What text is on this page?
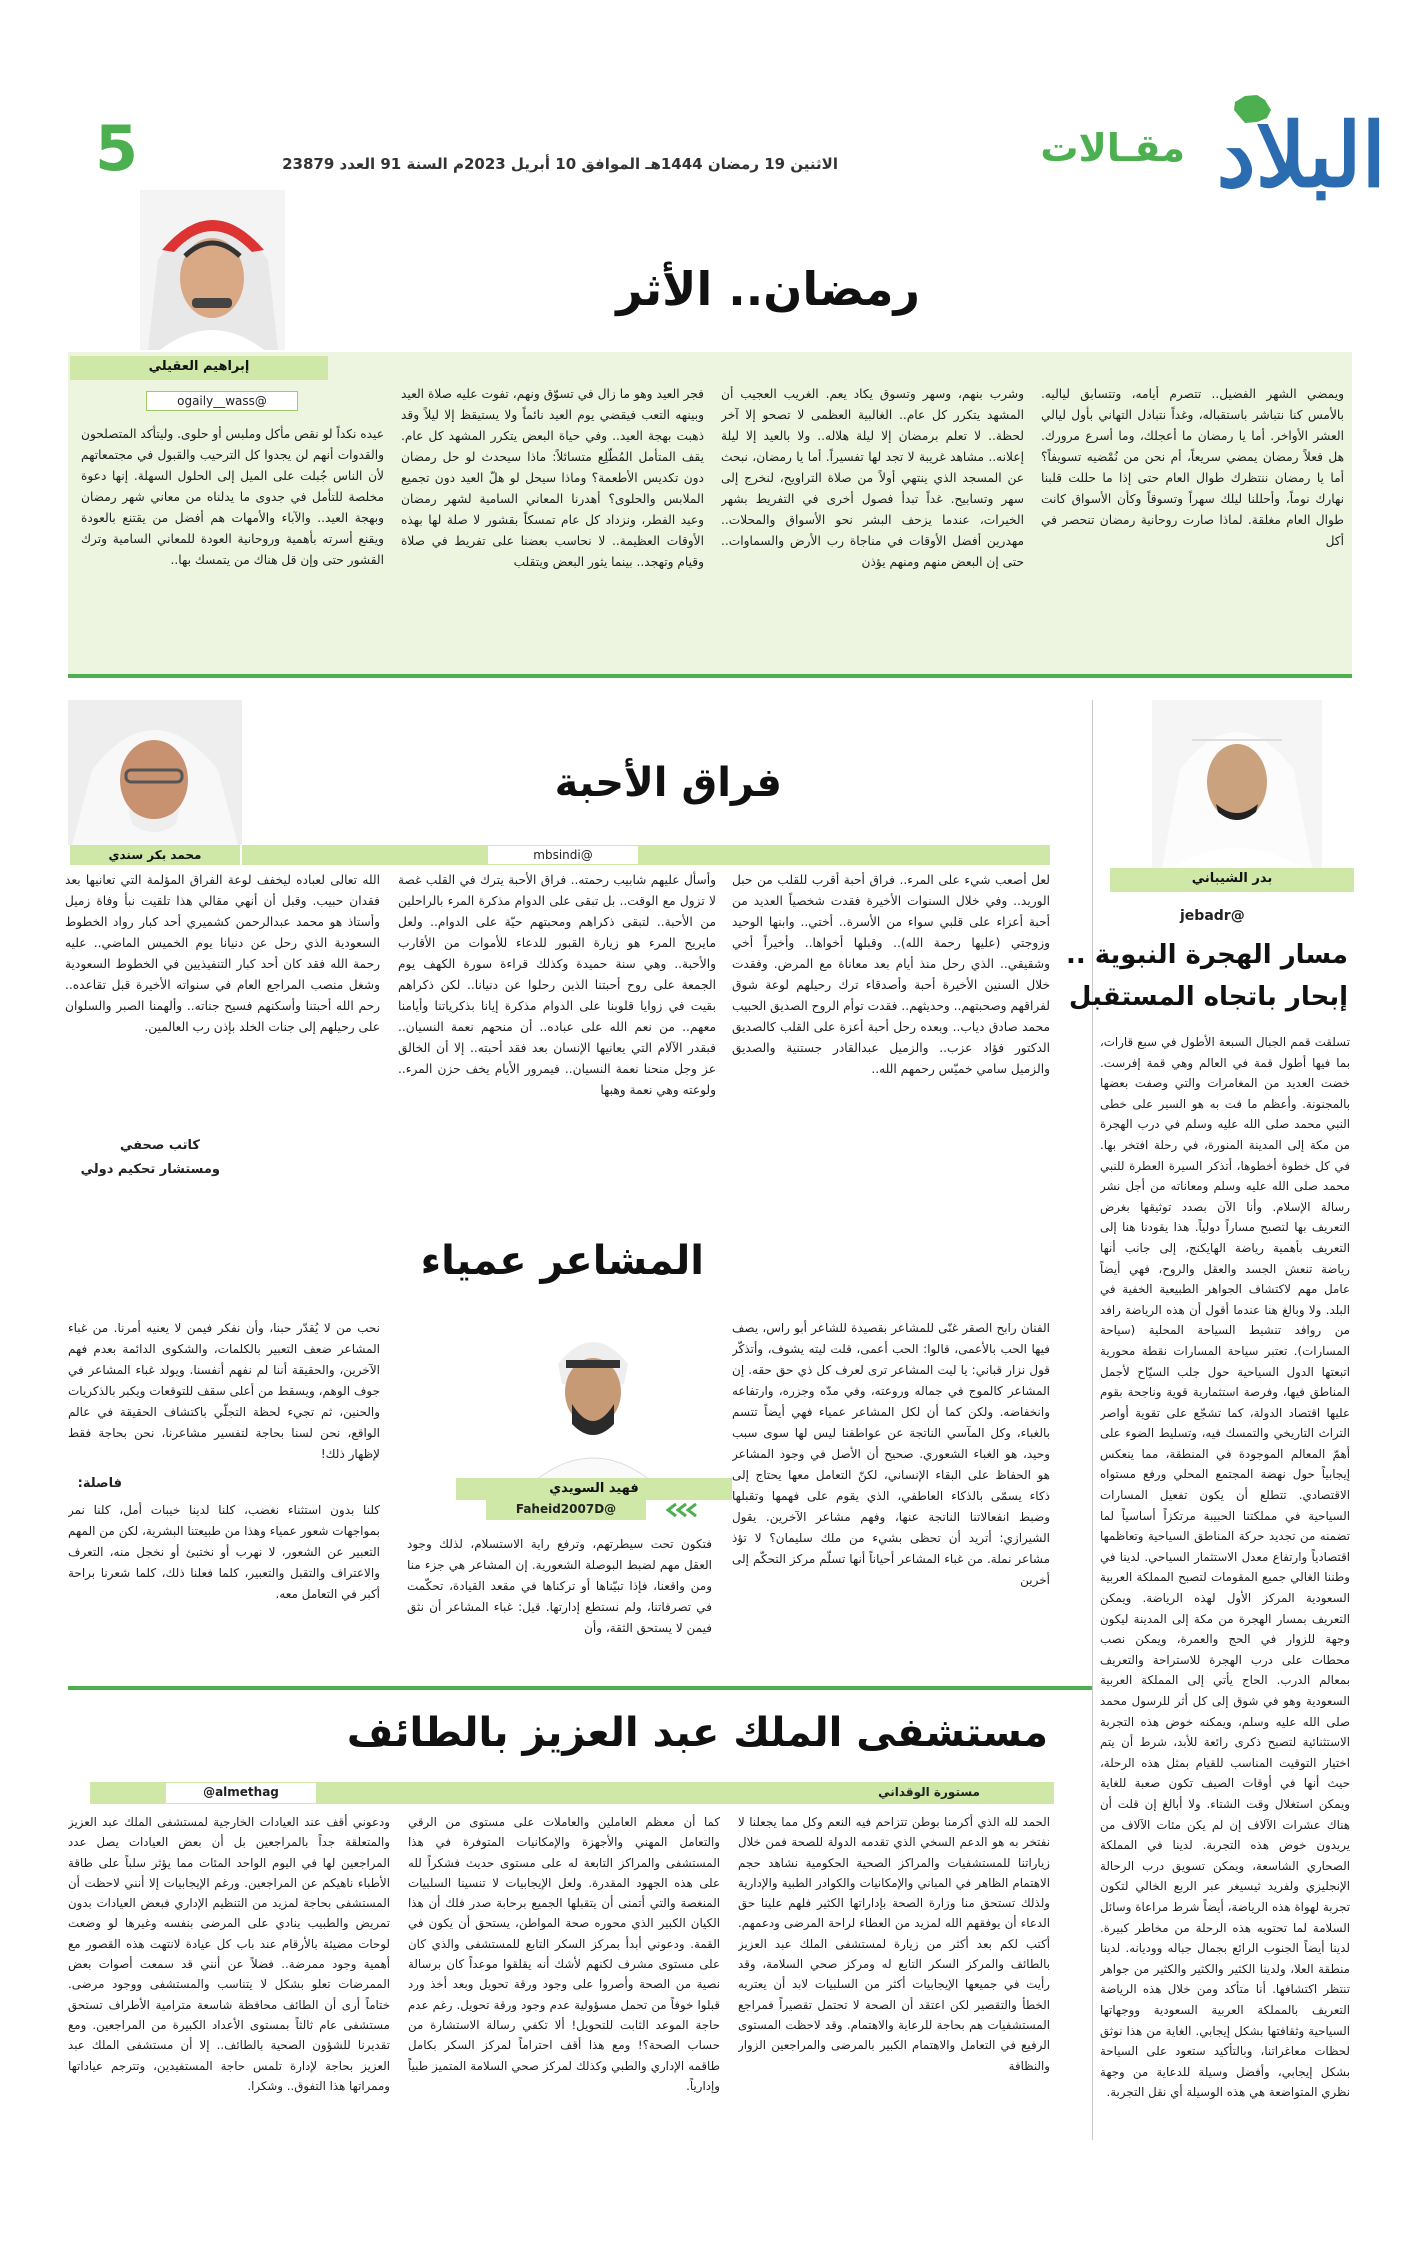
البلاد
مقـالات
الاثنين 19 رمضان 1444هـ الموافق 10 أبريل 2023م السنة 91 العدد 23879
5
رمضان.. الأثر
إبراهيم العقيلي
@ogaily__wass	ويمضي الشهر الفضيل.. تتصرم أيامه، وتتسابق لياليه. بالأمس كنا نتباشر باستقباله، وغداً نتبادل التهاني بأول ليالي العشر الأواخر. أما يا رمضان ما أعجلك، وما أسرع مرورك. هل فعلاً رمضان يمضي سريعاً، أم نحن من نُمْضيه تسويفاً؟ أما يا رمضان ننتظرك طوال العام حتى إذا ما حللت قلبنا نهارك نوماً، وأحللنا ليلك سهراً وتسوقاً وكأن الأسواق كانت طوال العام مغلقة. لماذا صارت روحانية رمضان تنحصر في أكل
وشرب بنهم، وسهر وتسوق يكاد يعم. الغريب العجيب أن المشهد يتكرر كل عام.. الغالبية العظمى لا تصحو إلا آخر لحظة.. لا تعلم برمضان إلا ليلة هلاله.. ولا بالعيد إلا ليلة إعلانه.. مشاهد غريبة لا تجد لها تفسيراً. أما يا رمضان، نبحث عن المسجد الذي ينتهي أولاً من صلاة التراويح، لنخرج إلى سهر وتسابيح. غداً تبدأ فصول أخرى في التفريط بشهر الخيرات، عندما يزحف البشر نحو الأسواق والمحلات.. مهدرين أفضل الأوقات في مناجاة رب الأرض والسماوات.. حتى إن البعض منهم ومنهم يؤذن
فجر العيد وهو ما زال في تسوّق ونهم، تفوت عليه صلاة العيد وبينهه التعب فيقضي يوم العيد نائماً ولا يستيقظ إلا ليلاً وقد ذهبت بهجة العيد.. وفي حياة البعض يتكرر المشهد كل عام. يقف المتأمل المُطّلِع متسائلاً: ماذا سيحدث لو حل رمضان دون تكديس الأطعمة؟ وماذا سيحل لو هلّ العيد دون تجميع الملابس والحلوى؟ أهدرنا المعاني السامية لشهر رمضان وعيد الفطر، ونزداد كل عام تمسكاً بقشور لا صلة لها بهذه الأوقات العظيمة.. لا نحاسب بعضنا على تفريط في صلاة وقيام وتهجد.. بينما يثور البعض ويتقلب
عيده نكداً لو نقص مأكل وملبس أو حلوى. وليتأكد المتصلحون والقدوات أنهم لن يجدوا كل الترحيب والقبول في مجتمعاتهم لأن الناس جُبلت على الميل إلى الحلول السهلة. إنها دعوة مخلصة للتأمل في جدوى ما يدلناه من معاني شهر رمضان وبهجة العيد.. والآباء والأمهات هم أفضل من يقتنع بالعودة ويقنع أسرته بأهمية وروحانية العودة للمعاني السامية وترك القشور حتى وإن قل هناك من يتمسك بها..
فراق الأحبة
محمد بكر سندي	@mbsindi
لعل أصعب شيء على المرء.. فراق أحبة أقرب للقلب من حبل الوريد.. وفي خلال السنوات الأخيرة فقدت شخصياً العديد من أحبة أعزاء على قلبي سواء من الأسرة.. أختي.. وابنها الوحيد وزوجتي (عليها رحمة الله).. وقبلها أخواها.. وأخيراً أخي وشقيقي.. الذي رحل منذ أيام بعد معاناة مع المرض. وفقدت خلال السنين الأخيرة أحبة وأصدقاء ترك رحيلهم لوعة شوق لفراقهم وصحبتهم.. وحديثهم.. فقدت توأم الروح الصديق الحبيب محمد صادق دياب.. وبعده رحل أحبة أعزة على القلب كالصديق الدكتور فؤاد عزب.. والزميل عبدالقادر جستنية والصديق والزميل سامي خميّس رحمهم الله..
وأسأل عليهم شابيب رحمته.. فراق الأحبة يترك في القلب غصة لا تزول مع الوقت.. بل تبقى على الدوام مذكرة المرء بالراحلين من الأحبة.. لتبقى ذكراهم ومحبتهم حيّة على الدوام.. ولعل مايريح المرء هو زيارة القبور للدعاء للأموات من الأقارب والأحبة.. وهي سنة حميدة وكذلك قراءة سورة الكهف يوم الجمعة على روح أحبتنا الذين رحلوا عن دنيانا.. لكن ذكراهم بقيت في زوايا قلوبنا على الدوام مذكرة إيانا بذكرياتنا وأيامنا معهم.. من نعم الله على عباده.. أن منحهم نعمة النسيان.. فبقدر الآلام التي يعانيها الإنسان بعد فقد أحبته.. إلا أن الخالق عز وجل منحنا نعمة النسيان.. فيمرور الأيام يخف حزن المرء.. ولوعته وهي نعمة وهبها
الله تعالى لعباده ليخفف لوعة الفراق المؤلمة التي تعانيها بعد فقدان حبيب. وقبل أن أنهي مقالي هذا تلقيت نبأ وفاة زميل وأستاذ هو محمد عبدالرحمن كشميري أحد كبار رواد الخطوط السعودية الذي رحل عن دنيانا يوم الخميس الماضي.. عليه رحمة الله فقد كان أحد كبار التنفيذيين في الخطوط السعودية وشغل منصب المراجع العام في سنواته الأخيرة قبل تقاعده.. رحم الله أحبتنا وأسكنهم فسيح جناته.. وألهمنا الصبر والسلوان على رحيلهم إلى جنات الخلد بإذن رب العالمين.
كاتب صحفي
ومستشار تحكيم دولي
بدر الشيباني
@jebadr
مسار الهجرة النبوية ..
إبحار باتجاه المستقبل
تسلقت قمم الجبال السبعة الأطول في سبع قارات، بما فيها أطول قمة في العالم وهي قمة إفرست. خضت العديد من المغامرات والتي وصفت بعضها بالمجنونة. وأعظم ما فت به هو السير على خطى النبي محمد صلى الله عليه وسلم في درب الهجرة من مكة إلى المدينة المنورة، في رحلة افتخر بها. في كل خطوة أخطوها، أتذكر السيرة العطرة للنبي محمد صلى الله عليه وسلم ومعاناته من أجل نشر رسالة الإسلام. وأنا الآن بصدد توثيقها بغرض التعريف بها لتصبح مساراً دولياً. هذا يقودنا هنا إلى التعريف بأهمية رياضة الهايكنج، إلى جانب أنها رياضة تنعش الجسد والعقل والروح، فهي أيضاً عامل مهم لاكتشاف الجواهر الطبيعية الخفية في البلد. ولا وبالغ هنا عندما أقول أن هذه الرياضة رافد من روافد تنشيط السياحة المحلية (سياحة المسارات). تعتبر سياحة المسارات نقطة محورية اتبعتها الدول السياحية حول جلب السيّاح لأجمل المناطق فيها، وفرصة استثمارية قوية وناجحة بقوم عليها اقتصاد الدولة، كما تشجّع على تقوية أواصر التراث التاريخي والتمسك فيه، وتسليط الضوء على أهمّ المعالم الموجودة في المنطقة، مما ينعكس إيجابياً حول نهضة المجتمع المحلي ورفع مستواه الاقتصادي. تتطلع أن يكون تفعيل المسارات السياحية في مملكتنا الحبيبة مرتكزاً أساسياً لما تضمنه من تجديد حركة المناطق السياحية وتعاظمها اقتصادياً وارتفاع معدل الاستثمار السياحي. لدينا في وطننا الغالي جميع المقومات لتصبح المملكة العربية السعودية المركز الأول لهذه الرياضة. ويمكن التعريف بمسار الهجرة من مكة إلى المدينة ليكون وجهة للزوار في الحج والعمرة، ويمكن نصب محطات على درب الهجرة للاستراحة والتعريف بمعالم الدرب. الحاج يأتي إلى المملكة العربية السعودية وهو في شوق إلى كل أثر للرسول محمد صلى الله عليه وسلم، ويمكنه خوض هذه التجربة الاستثنائية لتصبح ذكرى رائعة للأبد، شرط أن يتم اختيار التوقيت المناسب للقيام بمثل هذه الرحلة، حيث أنها في أوقات الصيف تكون صعبة للغاية ويمكن استغلال وقت الشتاء. ولا أبالغ إن قلت أن هناك عشرات الآلاف إن لم يكن مئات الآلاف من يريدون خوض هذه التجربة. لدينا في المملكة الصحاري الشاسعة، ويمكن تسويق درب الرحالة الإنجليزي ولفريد ثيسيغر عبر الربع الخالي لتكون تجربة لهواة هذه الرياضة، أيضاً شرط مراعاة وسائل السلامة لما تحتويه هذه الرحلة من مخاطر كبيرة. لدينا أيضاً الجنوب الرائع بجمال جباله ووديانه. لدينا منطقة العلا، ولدينا الكثير والكثير والكثير من جواهر تنتظر اكتشافها. أنا متأكد ومن خلال هذه الرياضة التعريف بالمملكة العربية السعودية ووجهاتها السياحية وثقافتها بشكل إيجابي. الغاية من هذا نوثق لحظات معاغراتنا، وبالتأكيد ستعود على السياحة بشكل إيجابي، وأفضل وسيلة للدعاية من وجهة نظري المتواضعة هي هذه الوسيلة أي نقل التجربة.
المشاعر عمياء
فهيد السويدي
@Faheid2007D
الفنان رابح الصقر غنّى للمشاعر بقصيدة للشاعر أبو راس، يصف فيها الحب بالأعمى، قالوا: الحب أعمى، قلت ليته يشوف، وأتذكّر قول نزار قباني: يا ليت المشاعر ترى لعرف كل ذي حق حقه. إن المشاعر كالموج في جماله وروعته، وفي مدّه وجزره، وارتفاعه وانخفاضه. ولكن كما أن لكل المشاعر عمياء فهي أيضاً تتسم بالغباء، وكل المآسي الناتجة عن عواطفنا ليس لها سوى سبب وحيد، هو الغباء الشعوري. صحيح أن الأصل في وجود المشاعر هو الحفاظ على البقاء الإنساني، لكنّ التعامل معها يحتاج إلى ذكاء يسمّى بالذكاء العاطفي، الذي يقوم على فهمها وتقبلها وضبط انفعالاتنا الناتجة عنها، وفهم مشاعر الآخرين. يقول الشيرازي: أتريد أن تحظى بشيء من ملك سليمان؟ لا تؤذ مشاعر نملة. من غباء المشاعر أحياناً أنها تسلّم مركز التحكّم إلى أخرين
فتكون تحت سيطرتهم، وترفع راية الاستسلام، لذلك وجود العقل مهم لضبط البوصلة الشعورية. إن المشاعر هي جزء منا ومن واقعنا، فإذا تبيّناها أو تركناها في مقعد القيادة، تحكّمت في تصرفاتنا، ولم نستطع إدارتها. قيل: غباء المشاعر أن نثق فيمن لا يستحق الثقة، وأن
نحب من لا يُقدّر حبنا، وأن نفكر فيمن لا يعنيه أمرنا. من غباء المشاعر ضعف التعبير بالكلمات، والشكوى الدائمة بعدم فهم الآخرين، والحقيقة أننا لم نفهم أنفسنا. ويولد غباء المشاعر في جوف الوهم، ويسقط من أعلى سقف للتوقعات ويكبر بالذكريات والحنين، ثم تجيء لحظة التجلّي باكتشاف الحقيقة في عالم الواقع، نحن لسنا بحاجة لتفسير مشاعرنا، نحن بحاجة فقط لإظهار ذلك!
فاصلة:
كلنا بدون استثناء نغضب، كلنا لدينا خيبات أمل، كلنا نمر بمواجهات شعور عمياء وهذا من طبيعتنا البشرية، لكن من المهم التعبير عن الشعور، لا نهرب أو نختبئ أو نخجل منه، التعرف والاعتراف والتقبل والتعبير، كلما فعلنا ذلك، كلما شعرنا براحة أكبر في التعامل معه.
مستشفى الملك عبد العزيز بالطائف
مستورة الوقداني
almethag@
الحمد لله الذي أكرمنا بوطن تتزاحم فيه النعم وكل مما يجعلنا لا نفتخر به هو الدعم السخي الذي تقدمه الدولة للصحة فمن خلال زياراتنا للمستشفيات والمراكز الصحية الحكومية نشاهد حجم الاهتمام الظاهر في المباني والإمكانيات والكوادر الطبية والإدارية ولذلك تستحق منا وزارة الصحة بإداراتها الكثير فلهم علينا حق الدعاء أن يوفقهم الله لمزيد من العطاء لراحة المرضى ودعمهم. أكتب لكم بعد أكثر من زيارة لمستشفى الملك عبد العزيز بالطائف والمركز السكر التابع له ومركز صحي السلامة، وقد رأيت في جميعها الإيجابيات أكثر من السلبيات لابد أن يعتريه الخطأ والتقصير لكن اعتقد أن الصحة لا تحتمل تقصيراً فمراجع المستشفيات هم بحاجة للرعاية والاهتمام. وقد لاحظت المستوى الرفيع في التعامل والاهتمام الكبير بالمرضى والمراجعين الزوار والنظافة
كما أن معظم العاملين والعاملات على مستوى من الرقي والتعامل المهني والأجهزة والإمكانيات المتوفرة في هذا المستشفى والمراكز التابعة له على مستوى حديث فشكراً لله على هذه الجهود المقدرة. ولعل الإيجابيات لا تنسينا السلبيات المنغصة والتي أتمنى أن يتقبلها الجميع برحابة صدر فلك أن هذا الكيان الكبير الذي محوره صحة المواطن، يستحق أن يكون في القمة. ودعوني أبدأ بمركز السكر التابع للمستشفى والذي كان على مستوى مشرف لكنهم لأشك أنه يقلقوا موعداً كان برسالة نصية من الصحة وأصروا على وجود ورقة تحويل وبعد أخذ ورد قبلوا خوفاً من تحمل مسؤولية عدم وجود ورقة تحويل. رغم عدم حاجة الموعد الثابت للتحويل! ألا تكفي رسالة الاستشارة من حساب الصحة؟! ومع هذا أقف احتراماً لمركز السكر بكامل طاقمه الإداري والطبي وكذلك لمركز صحي السلامة المتميز طبياً وإدارياً.
ودعوني أقف عند العيادات الخارجية لمستشفى الملك عبد العزيز والمتعلقة جداً بالمراجعين بل أن بعض العيادات يصل عدد المراجعين لها في اليوم الواحد المئات مما يؤثر سلباً على طاقة الأطباء ناهيكم عن المراجعين. ورغم الإيجابيات إلا أنني لاحظت أن المستشفى بحاجة لمزيد من التنظيم الإداري فبعض العيادات بدون تمريض والطبيب ينادي على المرضى بنفسه وغيرها لو وضعت لوحات مضيئة بالأرقام عند باب كل عيادة لانتهت هذه القصور مع أهمية وجود ممرضة.. فضلاً عن أنني قد سمعت أصوات بعض الممرضات تعلو بشكل لا يتناسب والمستشفى ووجود مرضى. ختاماً أرى أن الطائف محافظة شاسعة مترامية الأطراف تستحق مستشفى عام ثالثاً بمستوى الأعداد الكبيرة من المراجعين. ومع تقديرنا للشؤون الصحية بالطائف.. إلا أن مستشفى الملك عبد العزيز بحاجة لإدارة تلمس حاجة المستفيدين، وتترجم عياداتها وممراتها هذا التفوق.. وشكرا.
